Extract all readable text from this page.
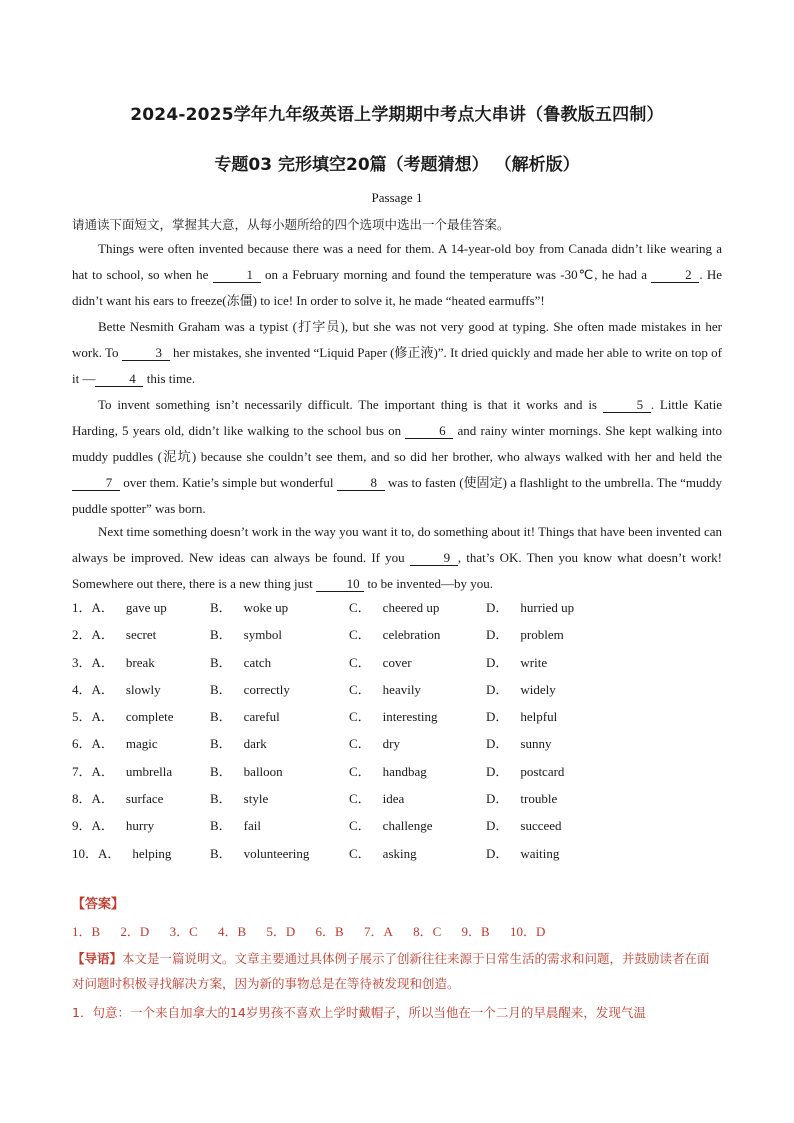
2024-2025学年九年级英语上学期期中考点大串讲（鲁教版五四制）
专题03 完形填空20篇（考题猜想） （解析版）
Passage 1
请通读下面短文，掌握其大意，从每小题所给的四个选项中选出一个最佳答案。
Things were often invented because there was a need for them. A 14-year-old boy from Canada didn’t like wearing a hat to school, so when he	1 on a February morning and found the temperature was -30℃, he had a	2 . He didn’t want his ears to freeze(冻僵) to ice! In order to solve it, he made “heated earmuffs”!
Bette Nesmith Graham was a typist (打字员), but she was not very good at typing. She often made mistakes in her work. To	3 her mistakes, she invented “Liquid Paper (修正液)”. It dried quickly and made her able to write on top of it —	4 this time.
To invent something isn’t necessarily difficult. The important thing is that it works and is	5 . Little Katie Harding, 5 years old, didn’t like walking to the school bus on	6 and rainy winter mornings. She kept walking into muddy puddles (泥坑) because she couldn’t see them, and so did her brother, who always walked with her and held the 7 over them. Katie’s simple but wonderful	8 was to fasten (使固定) a flashlight to the umbrella. The “muddy puddle spotter” was born.
Next time something doesn’t work in the way you want it to, do something about it! Things that have been invented can always be improved. New ideas can always be found. If you	9 , that’s OK. Then you know what doesn’t work! Somewhere out there, there is a new thing just 10 to be invented—by you.
1．A． gave up	B． woke up	C． cheered up	D． hurried up
2．A． secret	B． symbol	C． celebration	D． problem
3．A． break	B． catch	C． cover	D． write
4．A． slowly	B． correctly	C． heavily	D． widely
5．A． complete	B． careful	C． interesting	D． helpful
6．A． magic	B． dark	C． dry	D． sunny
7．A． umbrella	B． balloon	C． handbag	D． postcard
8．A． surface	B． style	C． idea	D． trouble
9．A． hurry	B． fail	C． challenge	D． succeed
10．A． helping	B． volunteering	C． asking	D． waiting
【答案】
1．B 2．D 3．C 4．B 5．D 6．B 7．A 8．C 9．B 10．D
【导语】本文是一篇说明文。文章主要通过具体例子展示了创新往往来源于日常生活的需求和问题，并鼓励读者在面对问题时积极寻找解决方案，因为新的事物总是在等待被发现和创造。
1．句意：一个来自加拿大的14岁男孩不喜欢上学时戴帽子，所以当他在一个二月的早晨醒来，发现气温
